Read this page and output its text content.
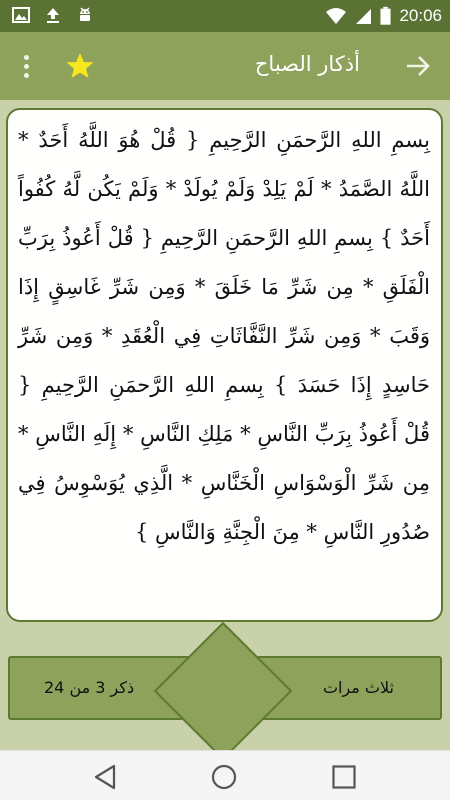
20:06
أذكار الصباح
بِسمِ اللهِ الرَّحمَنِ الرَّحِيمِ { قُلْ هُوَ اللَّهُ أَحَدٌ * اللَّهُ الصَّمَدُ * لَمْ يَلِدْ وَلَمْ يُولَدْ * وَلَمْ يَكُن لَّهُ كُفُواً أَحَدٌ } بِسمِ اللهِ الرَّحمَنِ الرَّحِيمِ { قُلْ أَعُوذُ بِرَبِّ الْفَلَقِ * مِن شَرِّ مَا خَلَقَ * وَمِن شَرِّ غَاسِقٍ إِذَا وَقَبَ * وَمِن شَرِّ النَّفَّاثَاتِ فِي الْعُقَدِ * وَمِن شَرِّ حَاسِدٍ إِذَا حَسَدَ } بِسمِ اللهِ الرَّحمَنِ الرَّحِيمِ { قُلْ أَعُوذُ بِرَبِّ النَّاسِ * مَلِكِ النَّاسِ * إِلَهِ النَّاسِ * مِن شَرِّ الْوَسْوَاسِ الْخَنَّاسِ * الَّذِي يُوَسْوِسُ فِي صُدُورِ النَّاسِ * مِنَ الْجِنَّةِ وَالنَّاسِ }
ذكر 3 من 24	ثلاث مرات
